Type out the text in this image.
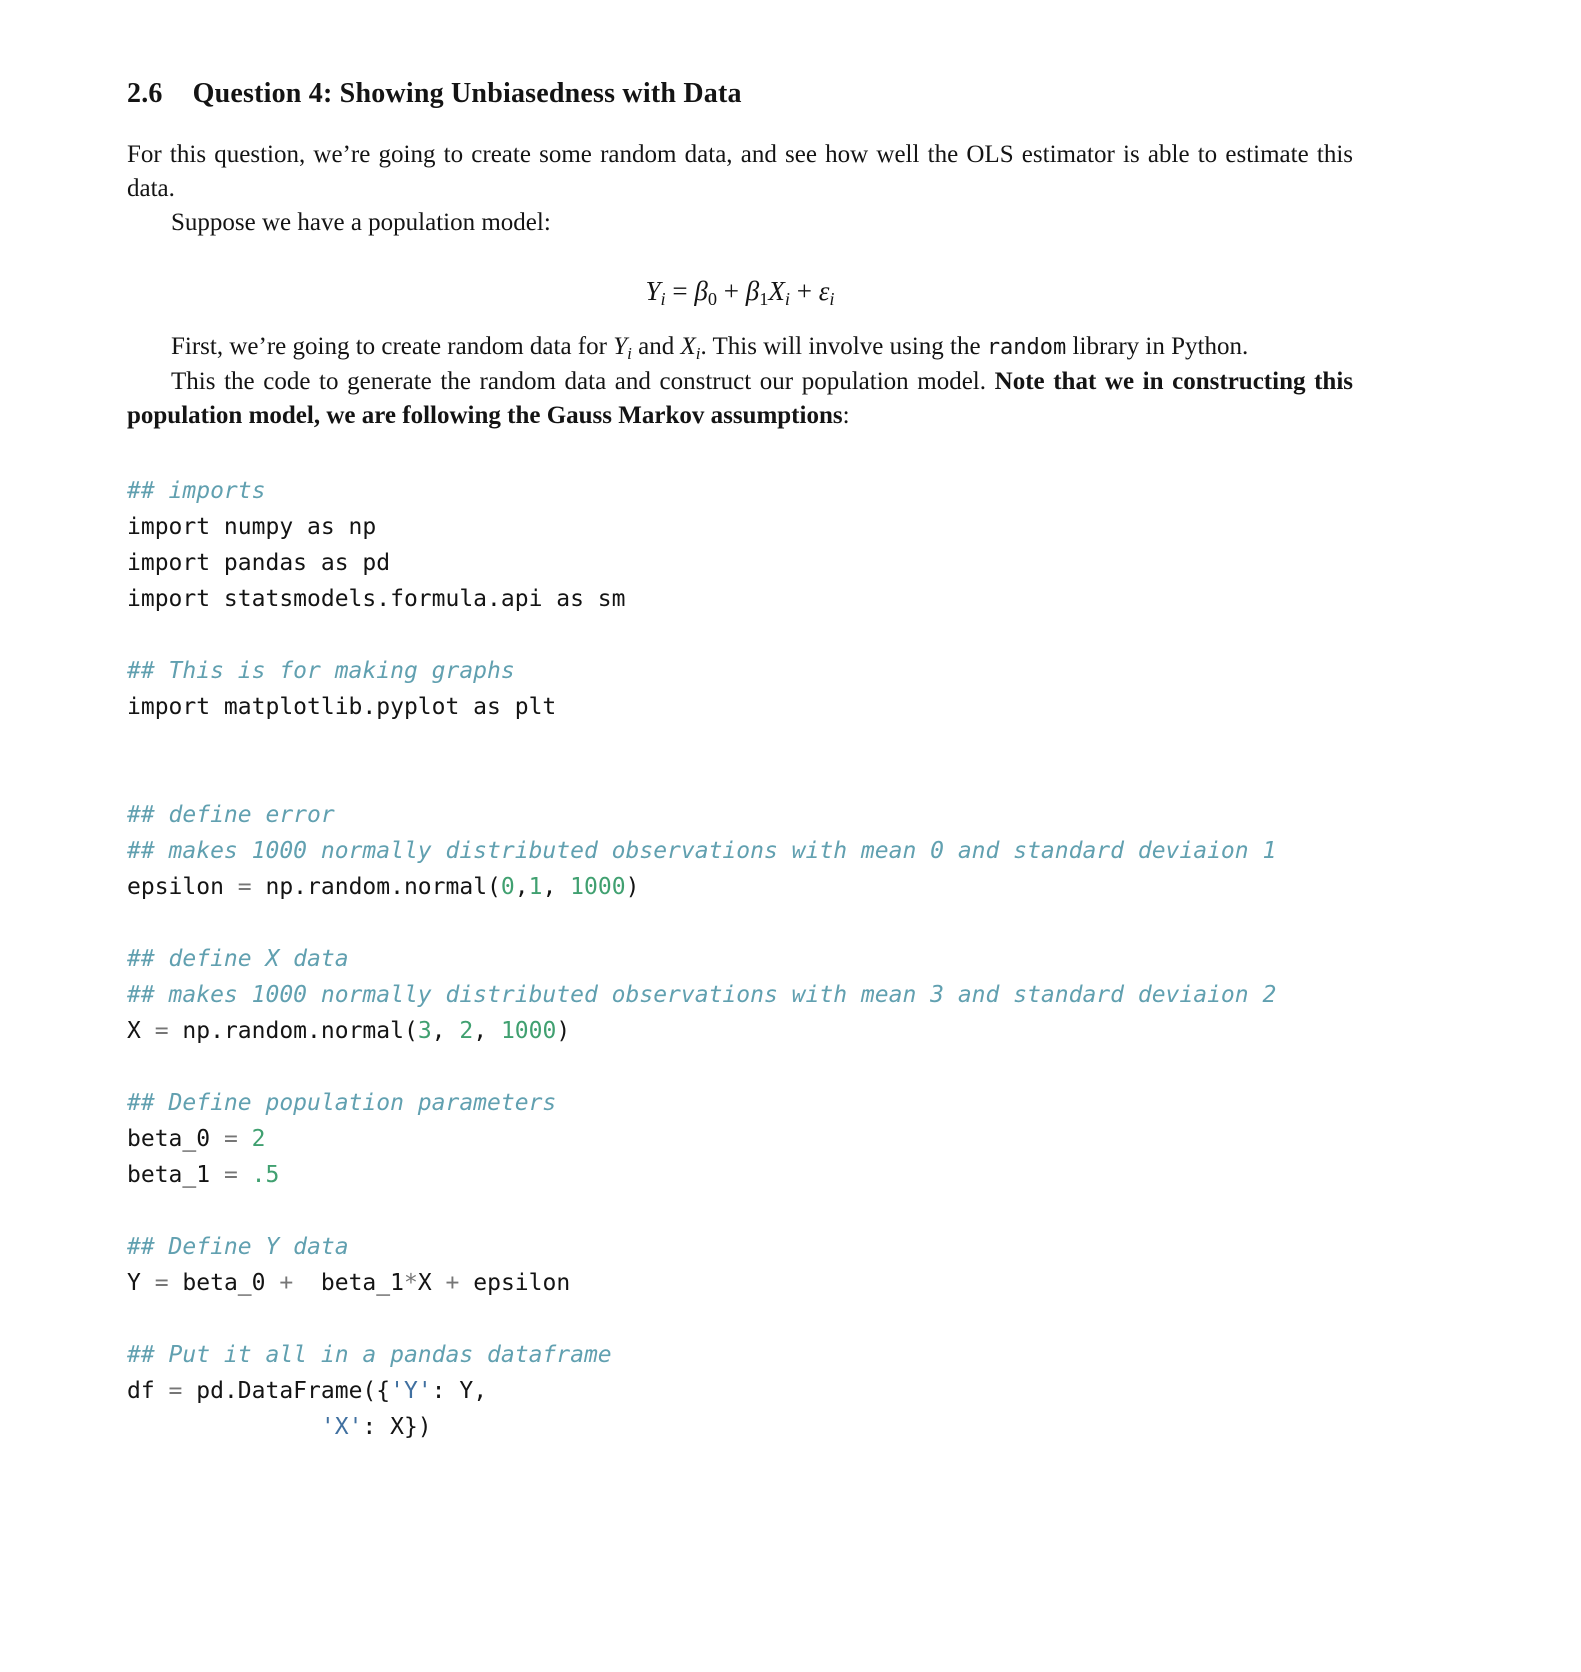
2.6 Question 4: Showing Unbiasedness with Data

For this question, we’re going to create some random data, and see how well the OLS estimator is able to estimate this data.

Suppose we have a population model:

$Y_i = \beta_0 + \beta_1X_i + \varepsilon_i$

First, we’re going to create random data for $Y_i$ and $X_i$. This will involve using the random library in Python.

This the code to generate the random data and construct our population model. Note that we in constructing this population model, we are following the Gauss Markov assumptions:

## imports
import numpy as np
import pandas as pd
import statsmodels.formula.api as sm

## This is for making graphs
import matplotlib.pyplot as plt

## define error
## makes 1000 normally distributed observations with mean 0 and standard deviaion 1
epsilon = np.random.normal(0,1, 1000)

## define X data
## makes 1000 normally distributed observations with mean 3 and standard deviaion 2
X = np.random.normal(3, 2, 1000)

## Define population parameters
beta_0 = 2
beta_1 = .5

## Define Y data
Y = beta_0 +  beta_1*X + epsilon

## Put it all in a pandas dataframe
df = pd.DataFrame({'Y': Y,
'X': X})
